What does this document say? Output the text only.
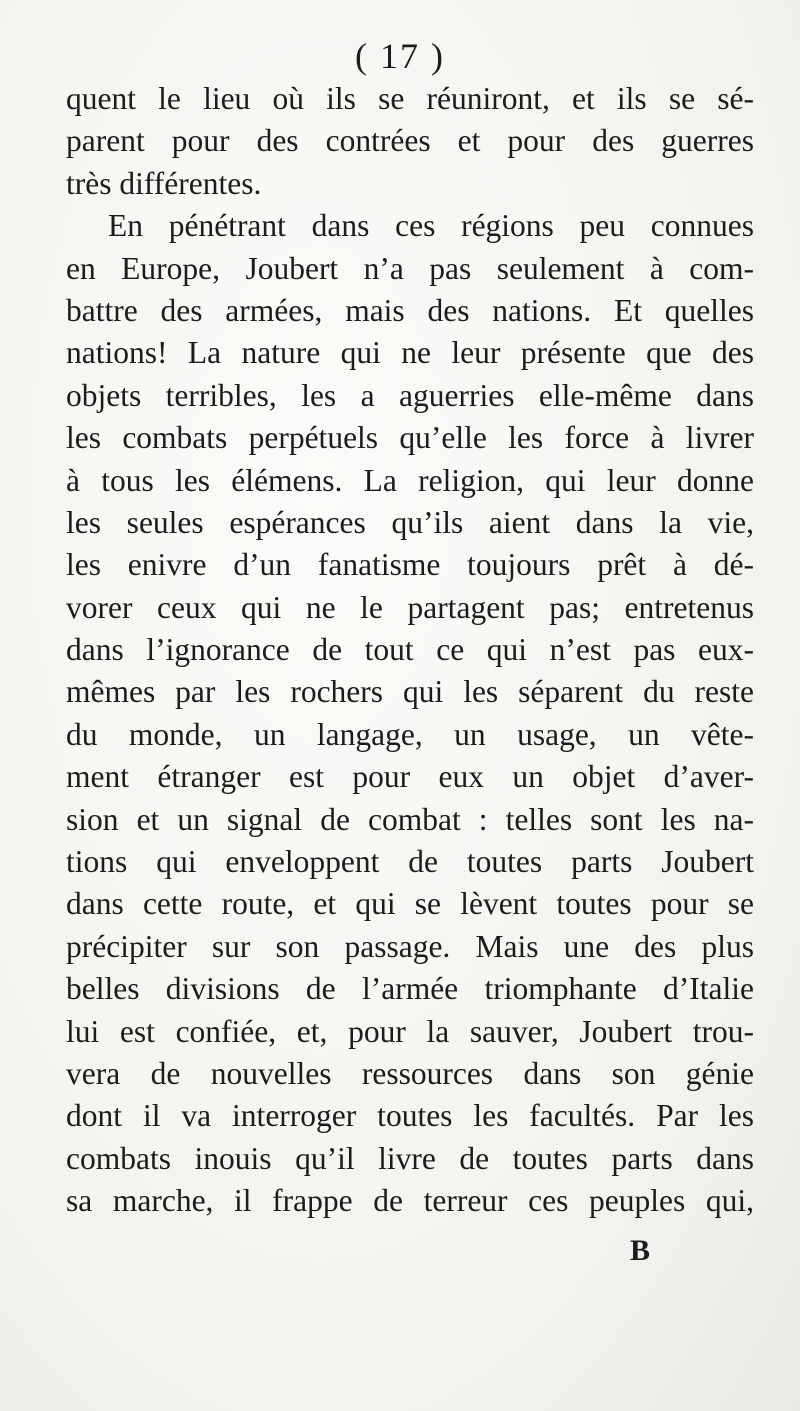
( 17 )
quent le lieu où ils se réuniront, et ils se sé-
parent pour des contrées et pour des guerres
très différentes.
En pénétrant dans ces régions peu connues
en Europe, Joubert n’a pas seulement à com-
battre des armées, mais des nations. Et quelles
nations! La nature qui ne leur présente que des
objets terribles, les a aguerries elle-même dans
les combats perpétuels qu’elle les force à livrer
à tous les élémens. La religion, qui leur donne
les seules espérances qu’ils aient dans la vie,
les enivre d’un fanatisme toujours prêt à dé-
vorer ceux qui ne le partagent pas; entretenus
dans l’ignorance de tout ce qui n’est pas eux-
mêmes par les rochers qui les séparent du reste
du monde, un langage, un usage, un vête-
ment étranger est pour eux un objet d’aver-
sion et un signal de combat : telles sont les na-
tions qui enveloppent de toutes parts Joubert
dans cette route, et qui se lèvent toutes pour se
précipiter sur son passage. Mais une des plus
belles divisions de l’armée triomphante d’Italie
lui est confiée, et, pour la sauver, Joubert trou-
vera de nouvelles ressources dans son génie
dont il va interroger toutes les facultés. Par les
combats inouis qu’il livre de toutes parts dans
sa marche, il frappe de terreur ces peuples qui,
B
